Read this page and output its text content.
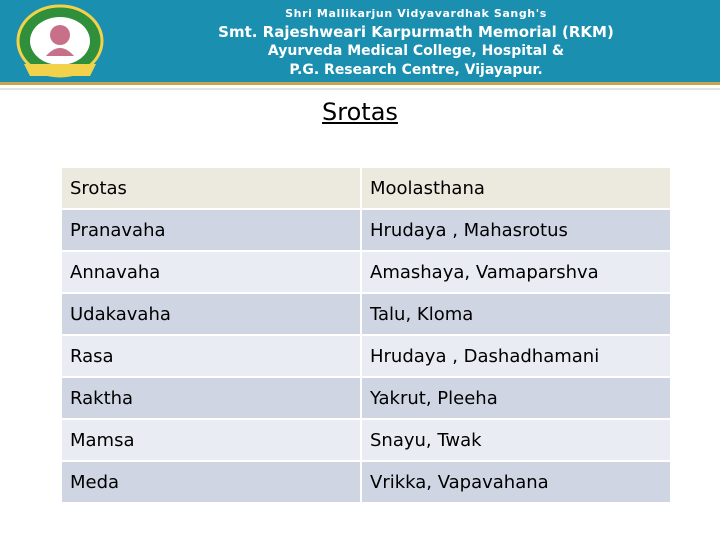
Shri Mallikarjun Vidyavardhak Sangh's
Smt. Rajeshweari Karpurmath Memorial (RKM)
Ayurveda Medical College, Hospital &
P.G. Research Centre, Vijayapur.
Srotas
Srotas	Moolasthana
Pranavaha	Hrudaya , Mahasrotus
Annavaha	Amashaya, Vamaparshva
Udakavaha	Talu, Kloma
Rasa	Hrudaya , Dashadhamani
Raktha	Yakrut, Pleeha
Mamsa	Snayu, Twak
Meda	Vrikka, Vapavahana
